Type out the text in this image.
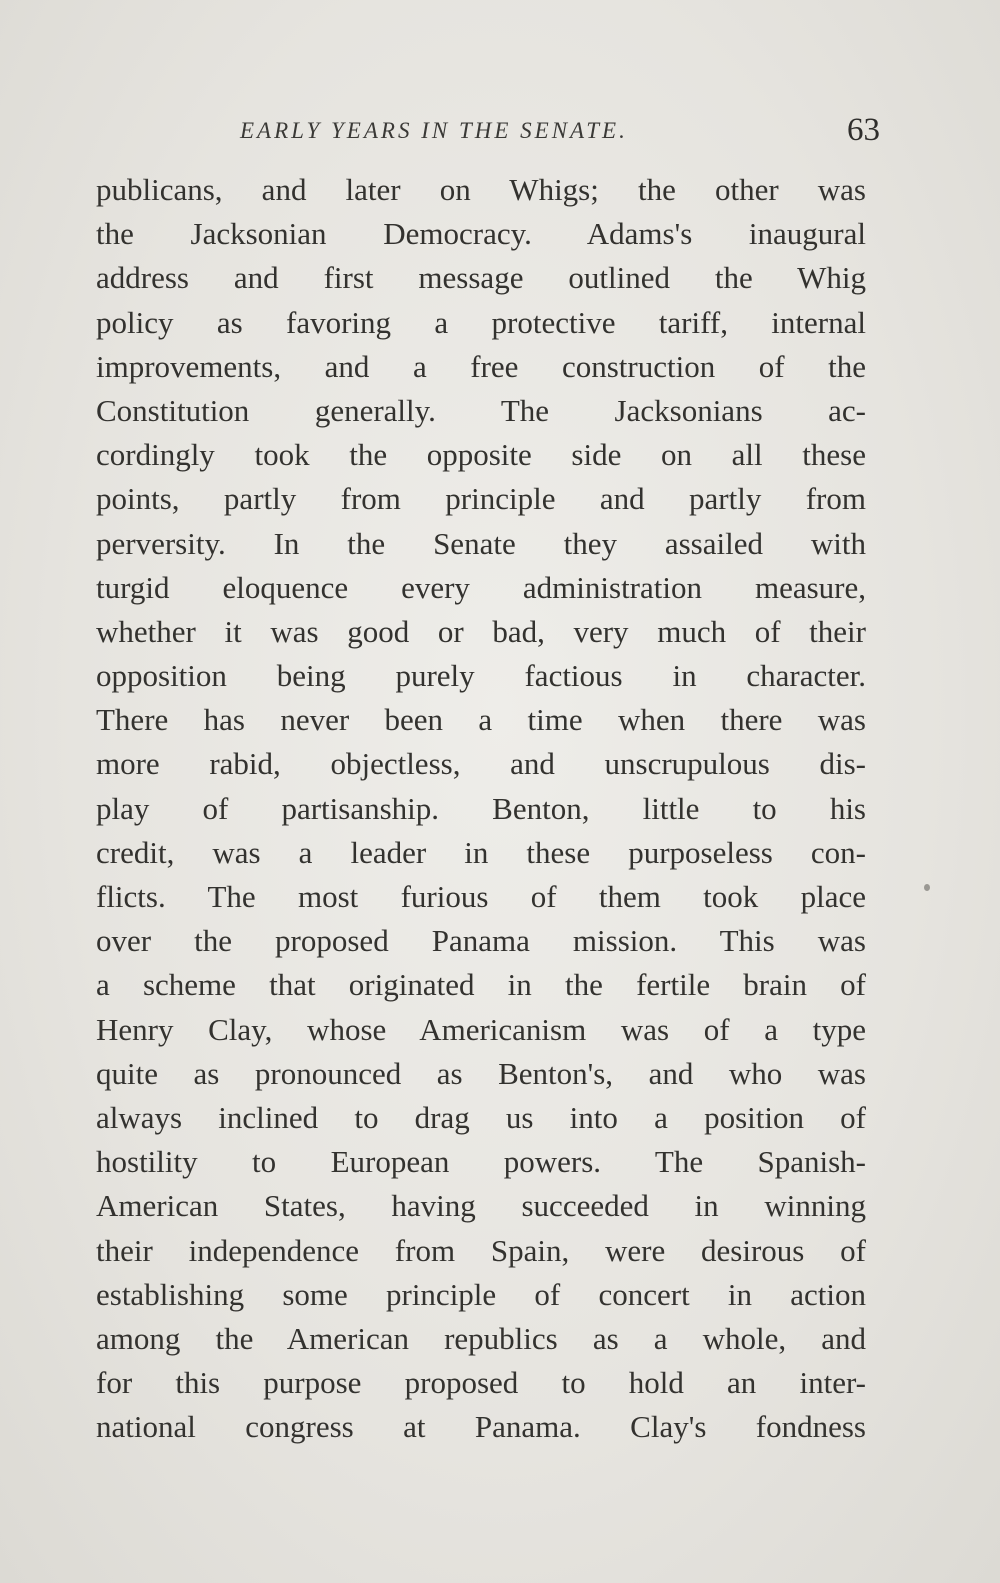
EARLY YEARS IN THE SENATE.	63
publicans, and later on Whigs; the other was
the Jacksonian Democracy. Adams's inaugural
address and first message outlined the Whig
policy as favoring a protective tariff, internal
improvements, and a free construction of the
Constitution generally. The Jacksonians ac-
cordingly took the opposite side on all these
points, partly from principle and partly from
perversity. In the Senate they assailed with
turgid eloquence every administration measure,
whether it was good or bad, very much of their
opposition being purely factious in character.
There has never been a time when there was
more rabid, objectless, and unscrupulous dis-
play of partisanship. Benton, little to his
credit, was a leader in these purposeless con-
flicts. The most furious of them took place
over the proposed Panama mission. This was
a scheme that originated in the fertile brain of
Henry Clay, whose Americanism was of a type
quite as pronounced as Benton's, and who was
always inclined to drag us into a position of
hostility to European powers. The Spanish-
American States, having succeeded in winning
their independence from Spain, were desirous of
establishing some principle of concert in action
among the American republics as a whole, and
for this purpose proposed to hold an inter-
national congress at Panama. Clay's fondness
